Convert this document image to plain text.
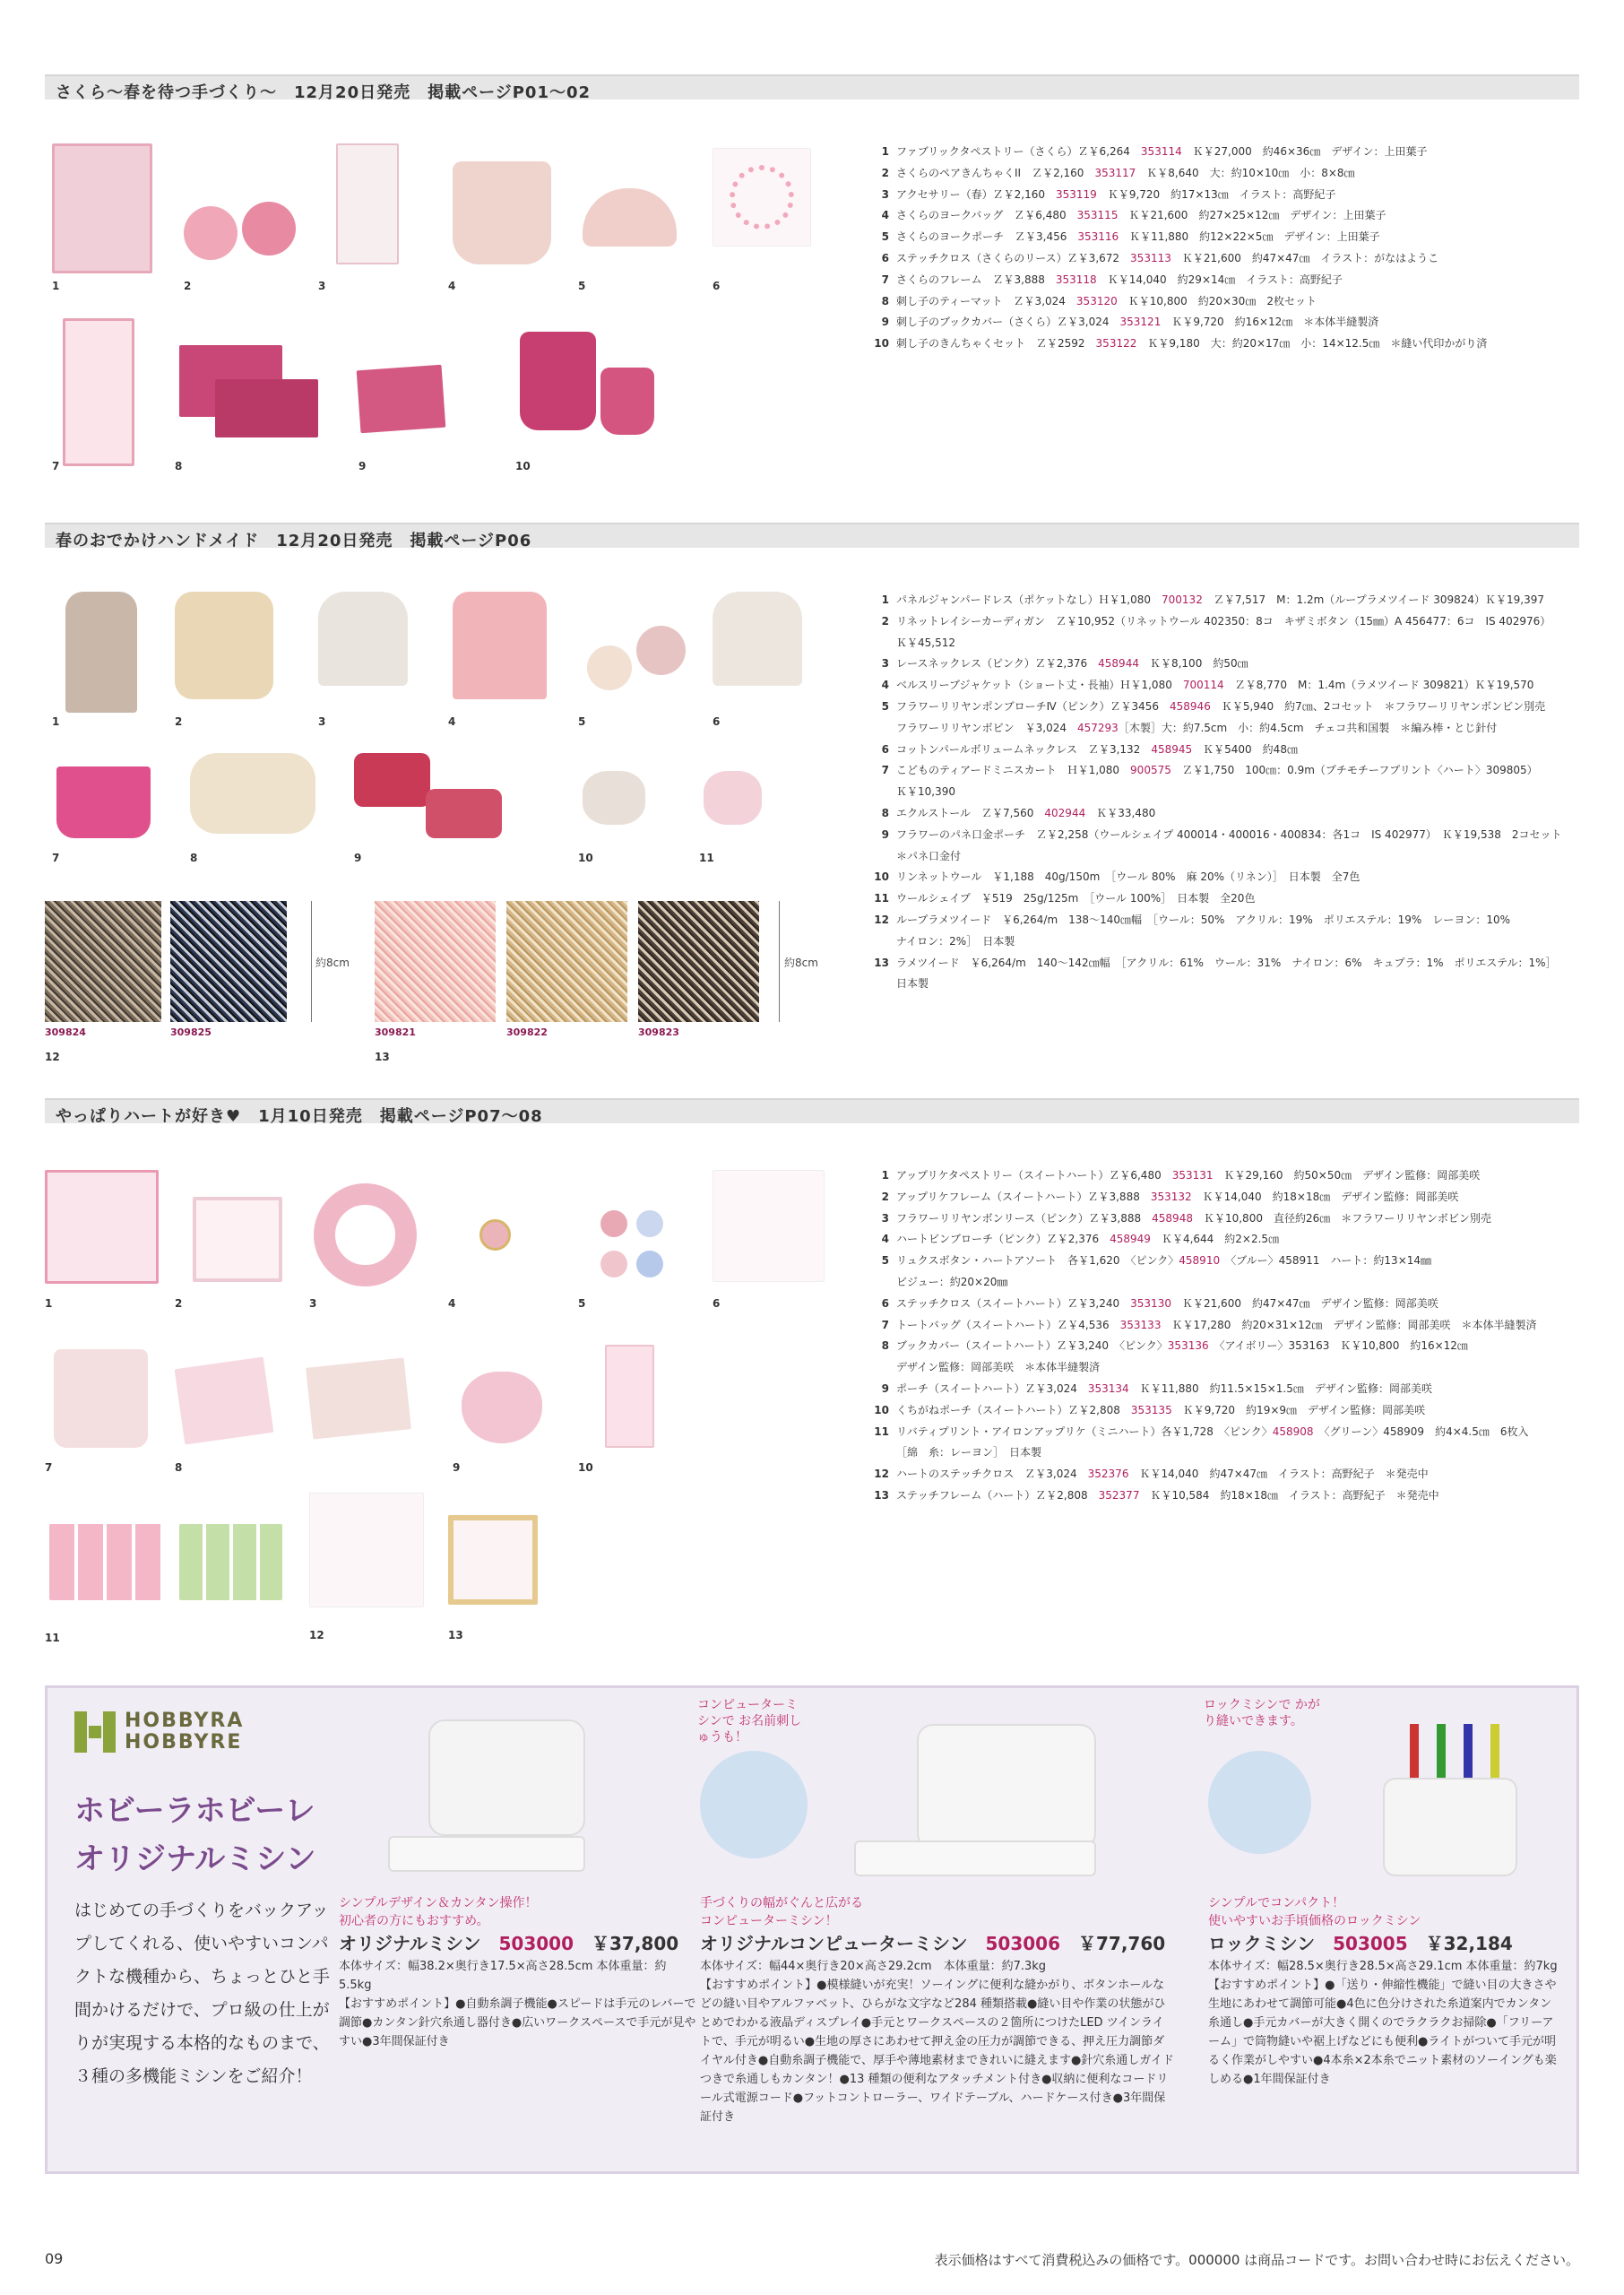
さくら～春を待つ手づくり～　12月20日発売　掲載ページP01～02
1	2	3	4	5	6
7	8	9	10
1 ファブリックタペストリー（さくら）Ｚ￥6,264　353114　Ｋ￥27,000　約46×36㎝　デザイン：上田葉子
2 さくらのペアきんちゃくII　Ｚ￥2,160　353117　Ｋ￥8,640　大：約10×10㎝　小：8×8㎝
3 アクセサリー（春）Ｚ￥2,160　353119　Ｋ￥9,720　約17×13㎝　イラスト：高野紀子
4 さくらのヨークバッグ　Ｚ￥6,480　353115　Ｋ￥21,600　約27×25×12㎝　デザイン：上田葉子
5 さくらのヨークポーチ　Ｚ￥3,456　353116　Ｋ￥11,880　約12×22×5㎝　デザイン：上田葉子
6 ステッチクロス（さくらのリース）Ｚ￥3,672　353113　Ｋ￥21,600　約47×47㎝　イラスト：がなはようこ
7 さくらのフレーム　Ｚ￥3,888　353118　Ｋ￥14,040　約29×14㎝　イラスト：高野紀子
8 刺し子のティーマット　Ｚ￥3,024　353120　Ｋ￥10,800　約20×30㎝　2枚セット
9 刺し子のブックカバー（さくら）Ｚ￥3,024　353121　Ｋ￥9,720　約16×12㎝　＊本体半縫製済
10 刺し子のきんちゃくセット　Ｚ￥2592　353122　Ｋ￥9,180　大：約20×17㎝　小：14×12.5㎝　＊縫い代印かがり済
春のおでかけハンドメイド　12月20日発売　掲載ページP06
1	2	3	4	5	6
7	8	9	10	11
約8cm
309824	309825
12
約8cm
309821	309822	309823
13
1 パネルジャンパードレス（ポケットなし）Ｈ￥1,080　700132　Ｚ￥7,517　M：1.2m（ループラメツイード 309824）Ｋ￥19,397
2 リネットレイシーカーディガン　Ｚ￥10,952（リネットウール 402350：8コ　キザミボタン（15㎜）A 456477：6コ　IS 402976）
Ｋ￥45,512
3 レースネックレス（ピンク）Ｚ￥2,376　458944　Ｋ￥8,100　約50㎝
4 ベルスリーブジャケット（ショート丈・長袖）Ｈ￥1,080　700114　Ｚ￥8,770　M：1.4m（ラメツイード 309821）Ｋ￥19,570
5 フラワーリリヤンポンブローチⅣ（ピンク）Ｚ￥3456　458946　Ｋ￥5,940　約7㎝、2コセット　＊フラワーリリヤンボンビン別売
フラワーリリヤンボビン　￥3,024　457293［木製］大：約7.5cm　小：約4.5cm　チェコ共和国製　＊編み棒・とじ針付
6 コットンパールボリュームネックレス　Ｚ￥3,132　458945　Ｋ￥5400　約48㎝
7 こどものティアードミニスカート　Ｈ￥1,080　900575　Ｚ￥1,750　100㎝：0.9m（プチモチーフプリント〈ハート〉309805）
Ｋ￥10,390
8 エクルストール　Ｚ￥7,560　402944　Ｋ￥33,480
9 フラワーのパネ口金ポーチ　Ｚ￥2,258（ウールシェイプ 400014・400016・400834：各1コ　IS 402977）　Ｋ￥19,538　2コセット
＊パネ口金付
10 リンネットウール　￥1,188　40g/150m　［ウール 80%　麻 20%（リネン）］　日本製　全7色
11 ウールシェイプ　￥519　25g/125m　［ウール 100%］　日本製　全20色
12 ループラメツイード　￥6,264/m　138～140㎝幅　［ウール：50%　アクリル：19%　ポリエステル：19%　レーヨン：10%
ナイロン：2%］　日本製
13 ラメツイード　￥6,264/m　140～142㎝幅　［アクリル：61%　ウール：31%　ナイロン：6%　キュプラ：1%　ポリエステル：1%］
日本製
やっぱりハートが好き♥　1月10日発売　掲載ページP07～08
1	2	3	4	5	6
7	8	9	10
11	12	13
1 アップリケタペストリー（スイートハート）Ｚ￥6,480　353131　Ｋ￥29,160　約50×50㎝　デザイン監修：岡部美咲
2 アップリケフレーム（スイートハート）Ｚ￥3,888　353132　Ｋ￥14,040　約18×18㎝　デザイン監修：岡部美咲
3 フラワーリリヤンボンリース（ピンク）Ｚ￥3,888　458948　Ｋ￥10,800　直径約26㎝　＊フラワーリリヤンボビン別売
4 ハートビンブローチ（ピンク）Ｚ￥2,376　458949　Ｋ￥4,644　約2×2.5㎝
5 リュクスボタン・ハートアソート　各￥1,620　〈ピンク〉458910　〈ブルー〉458911　ハート：約13×14㎜
ビジュー：約20×20㎜
6 ステッチクロス（スイートハート）Ｚ￥3,240　353130　Ｋ￥21,600　約47×47㎝　デザイン監修：岡部美咲
7 トートバッグ（スイートハート）Ｚ￥4,536　353133　Ｋ￥17,280　約20×31×12㎝　デザイン監修：岡部美咲　＊本体半縫製済
8 ブックカバー（スイートハート）Ｚ￥3,240　〈ピンク〉353136　〈アイボリー〉353163　Ｋ￥10,800　約16×12㎝
デザイン監修：岡部美咲　＊本体半縫製済
9 ポーチ（スイートハート）Ｚ￥3,024　353134　Ｋ￥11,880　約11.5×15×1.5㎝　デザイン監修：岡部美咲
10 くちがねポーチ（スイートハート）Ｚ￥2,808　353135　Ｋ￥9,720　約19×9㎝　デザイン監修：岡部美咲
11 リバティプリント・アイロンアップリケ（ミニハート）各￥1,728　〈ピンク〉458908　〈グリーン〉458909　約4×4.5㎝　6枚入
［綿　糸：レーヨン］　日本製
12 ハートのステッチクロス　Ｚ￥3,024　352376　Ｋ￥14,040　約47×47㎝　イラスト：高野紀子　＊発売中
13 ステッチフレーム（ハート）Ｚ￥2,808　352377　Ｋ￥10,584　約18×18㎝　イラスト：高野紀子　＊発売中
HOBBYRA
HOBBYRE
ホビーラホビーレ
オリジナルミシン
はじめての手づくりをバックアップしてくれる、使いやすいコンパクトな機種から、ちょっとひと手間かけるだけで、プロ級の仕上がりが実現する本格的なものまで、３種の多機能ミシンをご紹介！
シンプルデザイン＆カンタン操作！
初心者の方にもおすすめ。
オリジナルミシン　 503000　 ￥37,800
本体サイズ：幅38.2×奥行き17.5×高さ28.5cm 本体重量：約5.5kg
【おすすめポイント】●自動糸調子機能●スピードは手元のレバーで調節●カンタン針穴糸通し器付き●広いワークスペースで手元が見やすい●3年間保証付き
コンピューターミシンで お名前刺しゅうも！
手づくりの幅がぐんと広がる
コンピューターミシン！
オリジナルコンピューターミシン　 503006　 ￥77,760
本体サイズ：幅44×奥行き20×高さ29.2cm　本体重量：約7.3kg
【おすすめポイント】●模様縫いが充実！ソーイングに便利な縫かがり、ボタンホールなどの縫い目やアルファベット、ひらがな文字など284 種類搭載●縫い目や作業の状態がひとめでわかる液晶ディスプレイ●手元とワークスペースの２箇所につけたLED ツインライトで、手元が明るい●生地の厚さにあわせて押え金の圧力が調節できる、押え圧力調節ダイヤル付き●自動糸調子機能で、厚手や薄地素材まできれいに縫えます●針穴糸通しガイドつきで糸通しもカンタン！●13 種類の便利なアタッチメント付き●収納に便利なコードリール式電源コード●フットコントローラー、ワイドテーブル、ハードケース付き●3年間保証付き
ロックミシンで かがり縫いできます。
シンプルでコンパクト！
使いやすいお手頃価格のロックミシン
ロックミシン　 503005　 ￥32,184
本体サイズ：幅28.5×奥行き28.5×高さ29.1cm 本体重量：約7kg
【おすすめポイント】●「送り・伸縮性機能」で縫い目の大きさや生地にあわせて調節可能●4色に色分けされた糸道案内でカンタン糸通し●手元カバーが大きく開くのでラクラクお掃除●「フリーアーム」で筒物縫いや裾上げなどにも便利●ライトがついて手元が明るく作業がしやすい●4本糸×2本糸でニット素材のソーイングも楽しめる●1年間保証付き
09	表示価格はすべて消費税込みの価格です。000000 は商品コードです。お問い合わせ時にお伝えください。
